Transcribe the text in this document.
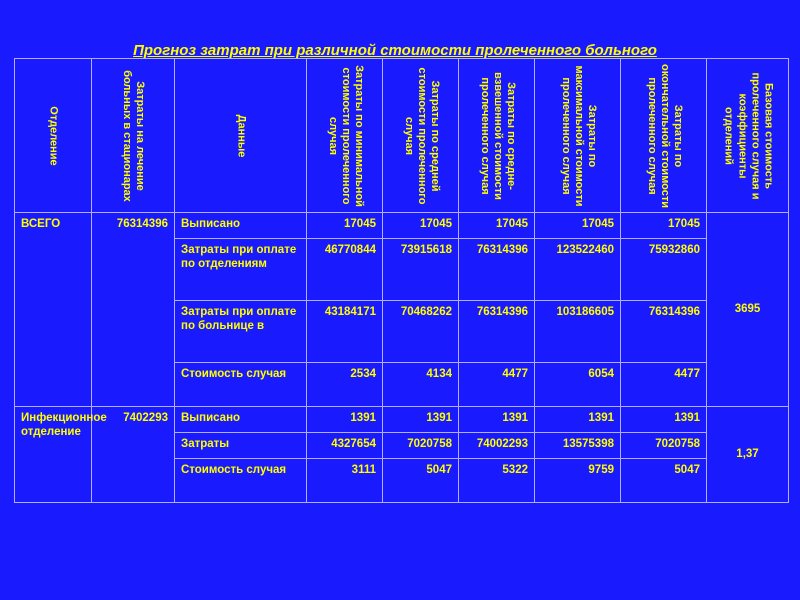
Прогноз затрат при различной стоимости пролеченного больного
Отделение	Затраты на лечение больных в стационарах	Данные	Затраты по минимальной стоимости пролеченного случая	Затраты по средней стоимости пролеченного случая	Затраты по средне-взвешенной стоимости пролеченного случая	Затраты по максимальной стоимости пролеченного случая	Затраты по окончательной стоимости пролеченного случая	Базовая стоимость пролеченного случая и коэффициенты отделений

ВСЕГО	76314396	Выписано	17045	17045	17045	17045	17045	3695
		Затраты при оплате по отделениям	46770844	73915618	76314396	123522460	75932860	
		Затраты при оплате по больнице в	43184171	70468262	76314396	103186605	76314396	
		Стоимость случая	2534	4134	4477	6054	4477	
Инфекционное отделение	7402293	Выписано	1391	1391	1391	1391	1391	1,37
		Затраты	4327654	7020758	74002293	13575398	7020758	
		Стоимость случая	3111	5047	5322	9759	5047	
